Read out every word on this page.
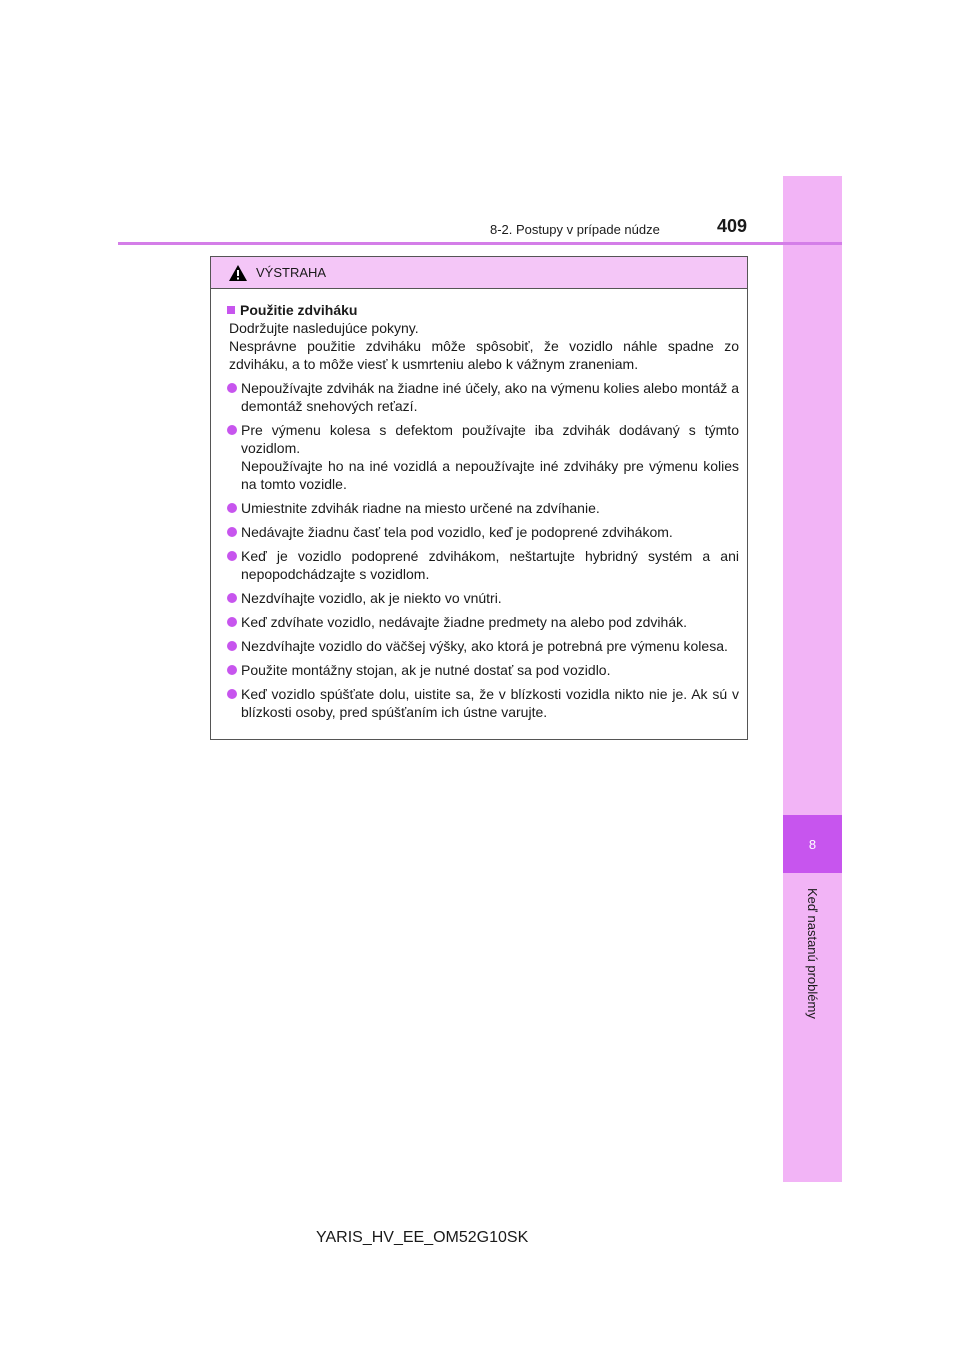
8
Keď nastanú problémy
8-2. Postupy v prípade núdze	409
VÝSTRAHA
Použitie zdviháku

Dodržujte nasledujúce pokyny.

Nesprávne použitie zdviháku môže spôsobiť, že vozidlo náhle spadne zo zdviháku, a to môže viesť k usmrteniu alebo k vážnym zraneniam.

Nepoužívajte zdvihák na žiadne iné účely, ako na výmenu kolies alebo montáž a demontáž snehových reťazí.
Pre výmenu kolesa s defektom používajte iba zdvihák dodávaný s týmto vozidlom.
Nepoužívajte ho na iné vozidlá a nepoužívajte iné zdviháky pre výmenu kolies na tomto vozidle.
Umiestnite zdvihák riadne na miesto určené na zdvíhanie.
Nedávajte žiadnu časť tela pod vozidlo, keď je podoprené zdvihákom.
Keď je vozidlo podoprené zdvihákom, neštartujte hybridný systém a ani nepopodchádzajte s vozidlom.
Nezdvíhajte vozidlo, ak je niekto vo vnútri.
Keď zdvíhate vozidlo, nedávajte žiadne predmety na alebo pod zdvihák.
Nezdvíhajte vozidlo do väčšej výšky, ako ktorá je potrebná pre výmenu kolesa.
Použite montážny stojan, ak je nutné dostať sa pod vozidlo.
Keď vozidlo spúšťate dolu, uistite sa, že v blízkosti vozidla nikto nie je. Ak sú v blízkosti osoby, pred spúšťaním ich ústne varujte.
YARIS_HV_EE_OM52G10SK
